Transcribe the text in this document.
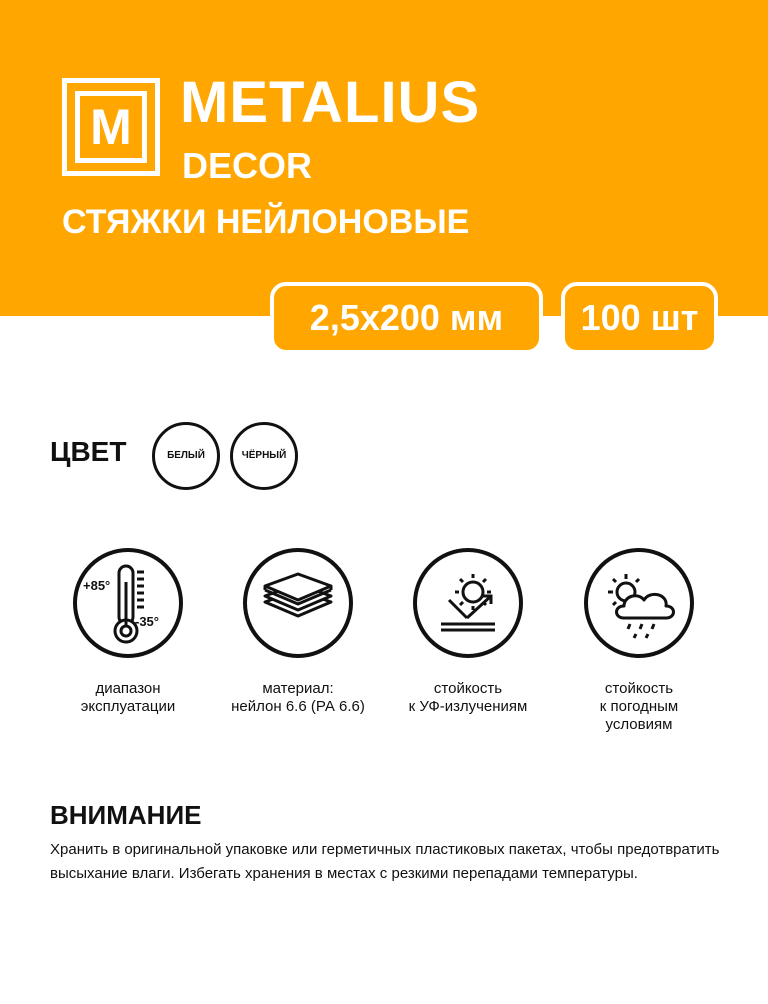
M METALIUS
DECOR
СТЯЖКИ НЕЙЛОНОВЫЕ
2,5х200 мм	100 шт
ЦВЕТ	БЕЛЫЙ	ЧЁРНЫЙ
+85°
-35°
диапазон
эксплуатации
материал:
нейлон 6.6 (РА 6.6)
стойкость
к УФ-излучениям
стойкость
к погодным
условиям
ВНИМАНИЕ
Хранить в оригинальной упаковке или герметичных пластиковых пакетах, чтобы предотвратить высыхание влаги. Избегать хранения в местах с резкими перепадами температуры.
